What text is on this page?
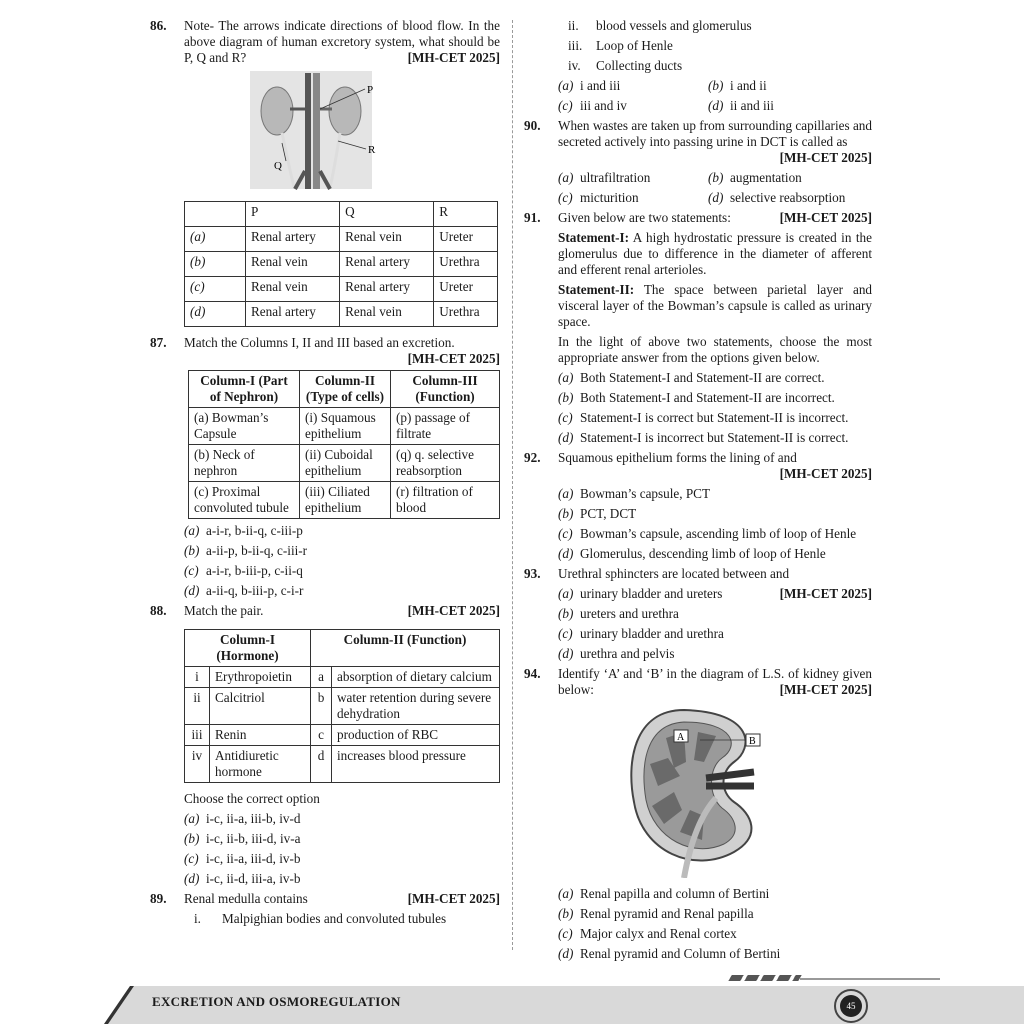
86. Note- The arrows indicate directions of blood flow. In the above diagram of human excretory system, what should be P, Q and R?	[MH-CET 2025]
P
Q
R
	P	Q	R
(a)	Renal artery	Renal vein	Ureter
(b)	Renal vein	Renal artery	Urethra
(c)	Renal vein	Renal artery	Ureter
(d)	Renal artery	Renal vein	Urethra
87. Match the Columns I, II and III based an excretion.
[MH-CET 2025]
Column-I (Part of Nephron)	Column-II (Type of cells)	Column-III (Function)
(a) Bowman’s Capsule	(i) Squamous epithelium	(p) passage of filtrate
(b) Neck of nephron	(ii) Cuboidal epithelium	(q) q. selective reabsorption
(c) Proximal convoluted tubule	(iii) Ciliated epithelium	(r) filtration of blood
(a) a-i-r, b-ii-q, c-iii-p
(b) a-ii-p, b-ii-q, c-iii-r
(c) a-i-r, b-iii-p, c-ii-q
(d) a-ii-q, b-iii-p, c-i-r
88. Match the pair.	[MH-CET 2025]
Column-I (Hormone)		Column-II (Function)	
i	Erythropoietin	a	absorption of dietary calcium
ii	Calcitriol	b	water retention during severe dehydration
iii	Renin	c	production of RBC
iv	Antidiuretic hormone	d	increases blood pressure
Choose the correct option
(a) i-c, ii-a, iii-b, iv-d
(b) i-c, ii-b, iii-d, iv-a
(c) i-c, ii-a, iii-d, iv-b
(d) i-c, ii-d, iii-a, iv-b
89. Renal medulla contains	[MH-CET 2025]
i.	Malpighian bodies and convoluted tubules
ii.	blood vessels and glomerulus
iii.	Loop of Henle
iv.	Collecting ducts
(a) i and iii	(b) i and ii
(c) iii and iv	(d) ii and iii
90. When wastes are taken up from surrounding capillaries and secreted actively into passing urine in DCT is called as
[MH-CET 2025]
(a) ultrafiltration	(b) augmentation
(c) micturition	(d) selective reabsorption
91. Given below are two statements:	[MH-CET 2025]
Statement-I: A high hydrostatic pressure is created in the glomerulus due to difference in the diameter of afferent and efferent renal arterioles.
Statement-II: The space between parietal layer and visceral layer of the Bowman’s capsule is called as urinary space.
In the light of above two statements, choose the most appropriate answer from the options given below.
(a) Both Statement-I and Statement-II are correct.
(b) Both Statement-I and Statement-II are incorrect.
(c) Statement-I is correct but Statement-II is incorrect.
(d) Statement-I is incorrect but Statement-II is correct.
92. Squamous epithelium forms the lining of and
[MH-CET 2025]
(a) Bowman’s capsule, PCT
(b) PCT, DCT
(c) Bowman’s capsule, ascending limb of loop of Henle
(d) Glomerulus, descending limb of loop of Henle
93. Urethral sphincters are located between and
(a) urinary bladder and ureters	[MH-CET 2025]
(b) ureters and urethra
(c) urinary bladder and urethra
(d) urethra and pelvis
94. Identify ‘A’ and ‘B’ in the diagram of L.S. of kidney given below:	[MH-CET 2025]
A	B
(a) Renal papilla and column of Bertini
(b) Renal pyramid and Renal papilla
(c) Major calyx and Renal cortex
(d) Renal pyramid and Column of Bertini
EXCRETION AND OSMOREGULATION	45
